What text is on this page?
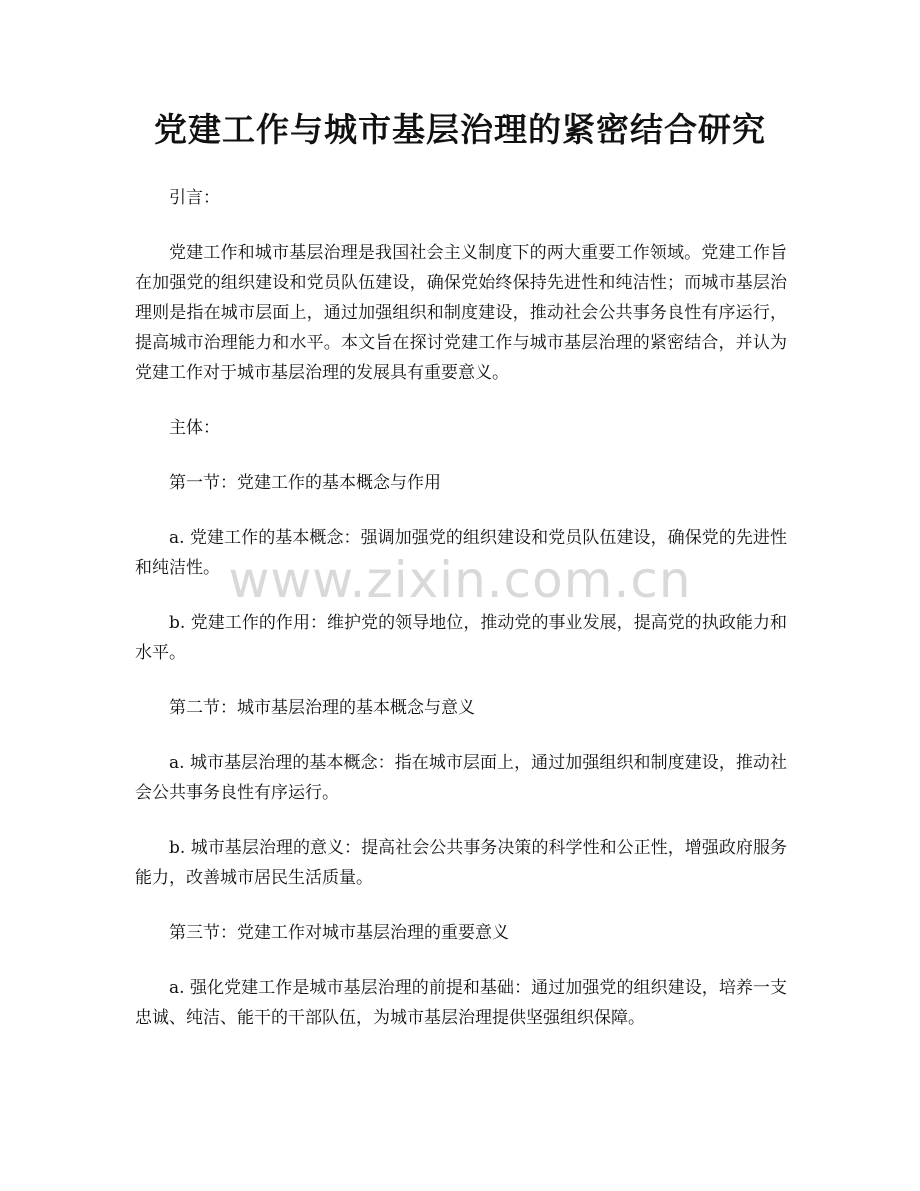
党建工作与城市基层治理的紧密结合研究

引言：

党建工作和城市基层治理是我国社会主义制度下的两大重要工作领域。党建工作旨在加强党的组织建设和党员队伍建设，确保党始终保持先进性和纯洁性；而城市基层治理则是指在城市层面上，通过加强组织和制度建设，推动社会公共事务良性有序运行，提高城市治理能力和水平。本文旨在探讨党建工作与城市基层治理的紧密结合，并认为党建工作对于城市基层治理的发展具有重要意义。

主体：

第一节：党建工作的基本概念与作用

a. 党建工作的基本概念：强调加强党的组织建设和党员队伍建设，确保党的先进性和纯洁性。

b. 党建工作的作用：维护党的领导地位，推动党的事业发展，提高党的执政能力和水平。

第二节：城市基层治理的基本概念与意义

a. 城市基层治理的基本概念：指在城市层面上，通过加强组织和制度建设，推动社会公共事务良性有序运行。

b. 城市基层治理的意义：提高社会公共事务决策的科学性和公正性，增强政府服务能力，改善城市居民生活质量。

第三节：党建工作对城市基层治理的重要意义

a. 强化党建工作是城市基层治理的前提和基础：通过加强党的组织建设，培养一支忠诚、纯洁、能干的干部队伍，为城市基层治理提供坚强组织保障。

www.zixin.com.cn
